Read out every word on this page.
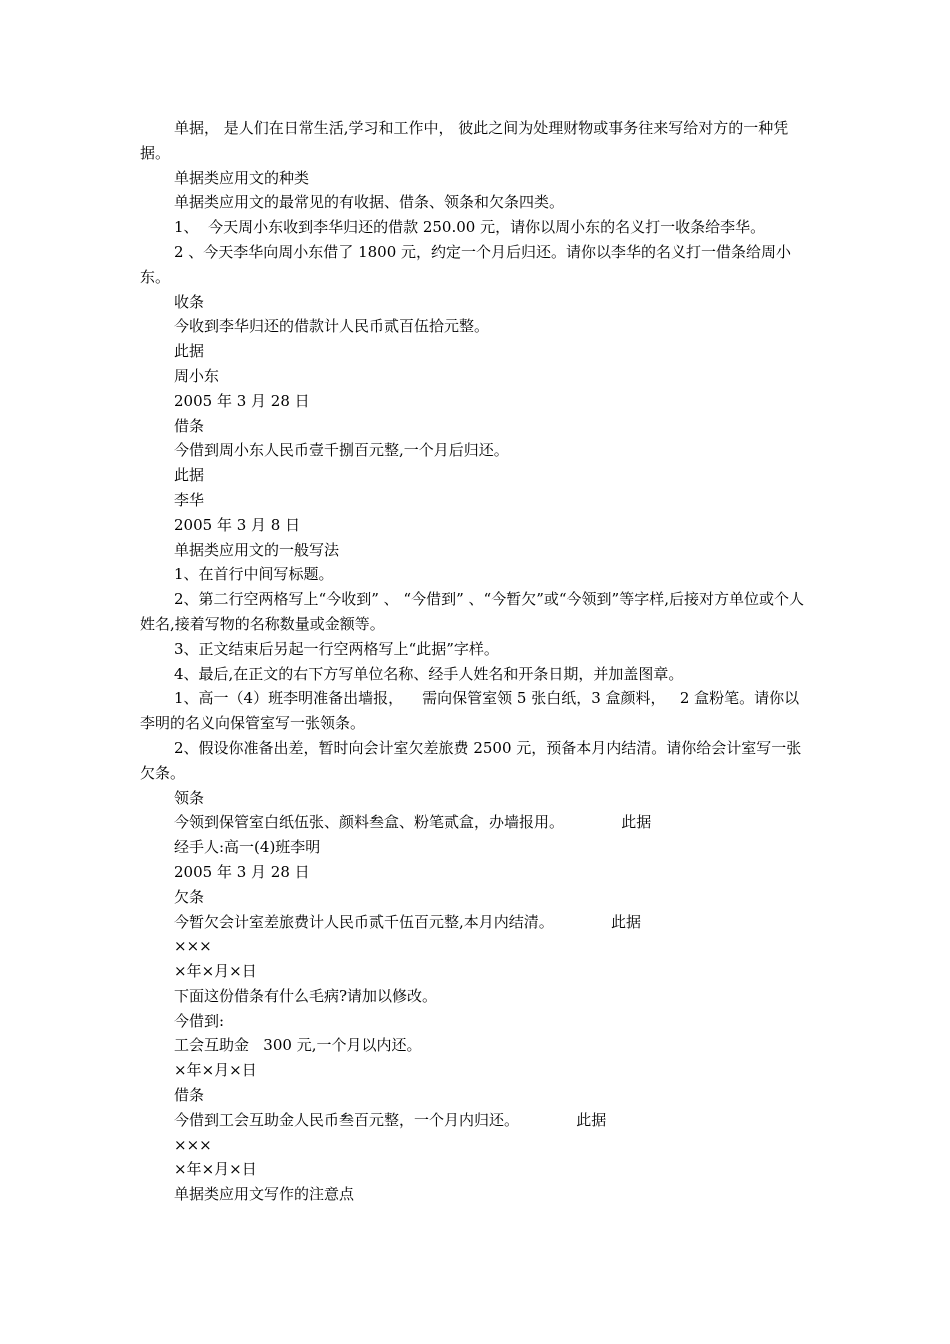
单据， 是人们在日常生活,学习和工作中， 彼此之间为处理财物或事务往来写给对方的一种凭据。

单据类应用文的种类

单据类应用文的最常见的有收据、借条、领条和欠条四类。

1、  今天周小东收到李华归还的借款 250.00 元，请你以周小东的名义打一收条给李华。

2 、今天李华向周小东借了 1800 元，约定一个月后归还。请你以李华的名义打一借条给周小东。

收条

今收到李华归还的借款计人民币贰百伍拾元整。

此据

周小东

2005 年 3 月 28 日

借条

今借到周小东人民币壹千捌百元整,一个月后归还。

此据

李华

2005 年 3 月 8 日

单据类应用文的一般写法

1、在首行中间写标题。

2、第二行空两格写上“今收到” 、 “今借到” 、“今暂欠”或“今领到”等字样,后接对方单位或个人姓名,接着写物的名称数量或金额等。

3、正文结束后另起一行空两格写上“此据”字样。

4、最后,在正文的右下方写单位名称、经手人姓名和开条日期，并加盖图章。

1、高一（4）班李明准备出墙报，    需向保管室领 5 张白纸，3 盒颜料，   2 盒粉笔。请你以李明的名义向保管室写一张领条。

2、假设你准备出差，暂时向会计室欠差旅费 2500 元，预备本月内结清。请你给会计室写一张欠条。

领条

今领到保管室白纸伍张、颜料叁盒、粉笔贰盒，办墙报用。            此据

经手人:高一(4)班李明

2005 年 3 月 28 日

欠条

今暂欠会计室差旅费计人民币贰千伍百元整,本月内结清。            此据

×××

×年×月×日

下面这份借条有什么毛病?请加以修改。

今借到:

工会互助金   300 元,一个月以内还。

×年×月×日

借条

今借到工会互助金人民币叁百元整，一个月内归还。            此据

×××

×年×月×日

单据类应用文写作的注意点
